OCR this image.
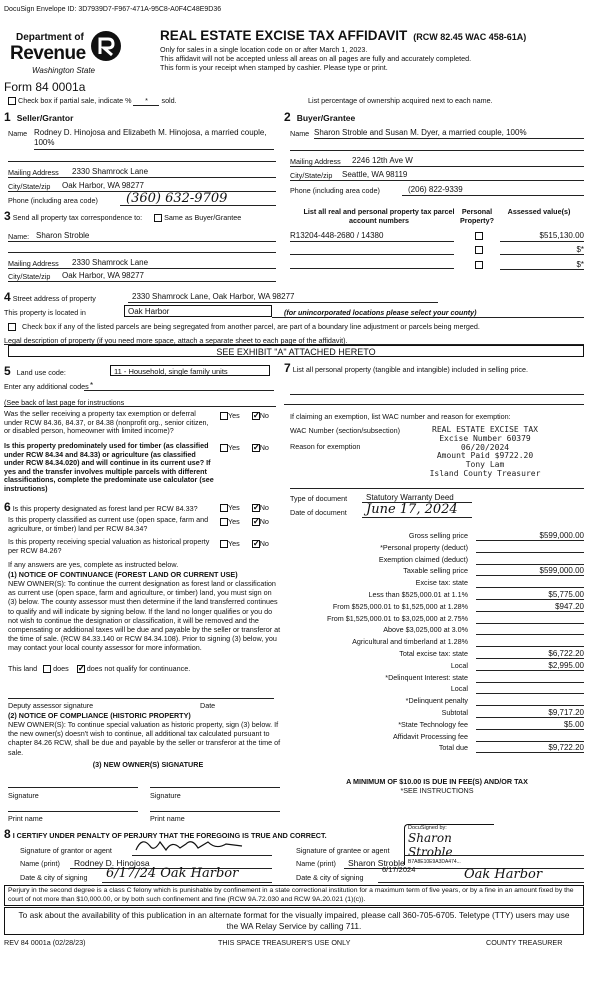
DocuSign Envelope ID: 3D7939D7-F967-471A-95C8-A0F4C48E9D36
Department of
Revenue
Washington State
Form 84 0001a
REAL ESTATE EXCISE TAX AFFIDAVIT (RCW 82.45 WAC 458-61A)
Only for sales in a single location code on or after March 1, 2023.
This affidavit will not be accepted unless all areas on all pages are fully and accurately completed.
This form is your receipt when stamped by cashier. Please type or print.
Check box if partial sale, indicate % * sold.	List percentage of ownership acquired next to each name.
1 Seller/Grantor
Name Rodney D. Hinojosa and Elizabeth M. Hinojosa, a married couple, 100%
Mailing Address 2330 Shamrock Lane
City/State/zip Oak Harbor, WA 98277
Phone (including area code) (360) 632-9709
2 Buyer/Grantee
Name Sharon Stroble and Susan M. Dyer, a married couple, 100%
Mailing Address 2246 12th Ave W
City/State/zip Seattle, WA 98119
Phone (including area code)	(206) 822-9339
3 Send all property tax correspondence to:	Same as Buyer/Grantee
Name: Sharon Stroble
Mailing Address 2330 Shamrock Lane
City/State/zip Oak Harbor, WA 98277
List all real and personal property tax parcel account numbers
Personal Property?
Assessed value(s)
R13204-448-2680 / 14380	$515,130.00
$*
$*
4 Street address of property	2330 Shamrock Lane, Oak Harbor, WA 98277
This property is located in	Oak Harbor	(for unincorporated locations please select your county)
Check box if any of the listed parcels are being segregated from another parcel, are part of a boundary line adjustment or parcels being merged.
Legal description of property (if you need more space, attach a separate sheet to each page of the affidavit).
SEE EXHIBIT "A" ATTACHED HERETO
5 Land use code:	11 - Household, single family units
Enter any additional codes *
(See back of last page for instructions
Was the seller receiving a property tax exemption or deferral under RCW 84.36, 84.37, or 84.38 (nonprofit org., senior citizen, or disabled person, homeowner with limited income)?
Yes ✓	No
Is this property predominately used for timber (as classified under RCW 84.34 and 84.33) or agriculture (as classified under RCW 84.34.020) and will continue in its current use? If yes and the transfer involves multiple parcels with different classifications, complete the predominate use calculator (see instructions)
Yes ✓	No
6 Is this property designated as forest land per RCW 84.33?	Yes ✓	No
Is this property classified as current use (open space, farm and agriculture, or timber) land per RCW 84.34?
Yes ✓	No
Is this property receiving special valuation as historical property per RCW 84.26?
Yes ✓	No
If any answers are yes, complete as instructed below.
(1) NOTICE OF CONTINUANCE (FOREST LAND OR CURRENT USE)
NEW OWNER(S): To continue the current designation as forest land or classification as current use (open space, farm and agriculture, or timber) land, you must sign on (3) below. The county assessor must then determine if the land transferred continues to qualify and will indicate by signing below. If the land no longer qualifies or you do not wish to continue the designation or classification, it will be removed and the compensating or additional taxes will be due and payable by the seller or transferor at the time of sale. (RCW 84.33.140 or RCW 84.34.108). Prior to signing (3) below, you may contact your local county assessor for more information.
This land does ✓	does not qualify for continuance.
Deputy assessor signature	Date
(2) NOTICE OF COMPLIANCE (HISTORIC PROPERTY)
NEW OWNER(S): To continue special valuation as historic property, sign (3) below. If the new owner(s) doesn't wish to continue, all additional tax calculated pursuant to chapter 84.26 RCW, shall be due and payable by the seller or transferor at the time of sale.
(3) NEW OWNER(S) SIGNATURE
Signature	Signature
Print name	Print name
7 List all personal property (tangible and intangible) included in selling price.
If claiming an exemption, list WAC number and reason for exemption:
WAC Number (section/subsection)
Reason for exemption
REAL ESTATE EXCISE TAX
Excise Number 60379
06/20/2024
Amount Paid $9722.20
Tony Lam
Island County Treasurer
Type of document Statutory Warranty Deed
Date of document June 17, 2024
Gross selling price	$599,000.00
*Personal property (deduct)
Exemption claimed (deduct)
Taxable selling price	$599,000.00
Excise tax: state
Less than $525,000.01 at 1.1%	$5,775.00
From $525,000.01 to $1,525,000 at 1.28%	$947.20
From $1,525,000.01 to $3,025,000 at 2.75%
Above $3,025,000 at 3.0%
Agricultural and timberland at 1.28%
Total excise tax: state	$6,722.20
Local	$2,995.00
*Delinquent Interest: state
Local
*Delinquent penalty
Subtotal	$9,717.20
*State Technology fee	$5.00
Affidavit Processing fee
Total due	$9,722.20
A MINIMUM OF $10.00 IS DUE IN FEE(S) AND/OR TAX
*SEE INSTRUCTIONS
8 I CERTIFY UNDER PENALTY OF PERJURY THAT THE FOREGOING IS TRUE AND CORRECT.
Signature of grantor or agent	Signature of grantee or agent
DocuSigned by:
Sharon Stroble
B7A8E10E9A3DA474...
Name (print) Rodney D. Hinojosa	Name (print) Sharon Stroble
Date & city of signing 6/17/24 Oak Harbor	Date & city of signing
6/17/2024	Oak Harbor
Perjury in the second degree is a class C felony which is punishable by confinement in a state correctional institution for a maximum term of five years, or by a fine in an amount fixed by the court of not more than $10,000.00, or by both such confinement and fine (RCW 9A.72.030 and RCW 9A.20.021 (1)(c)).
To ask about the availability of this publication in an alternate format for the visually impaired, please call 360-705-6705. Teletype (TTY) users may use the WA Relay Service by calling 711.
REV 84 0001a (02/28/23)	THIS SPACE TREASURER'S USE ONLY	COUNTY TREASURER
